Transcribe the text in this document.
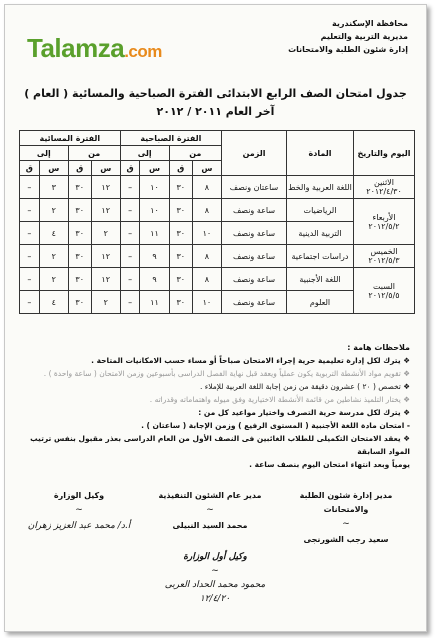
Talamza.com
محافظة الإسكندرية
مديرية التربية والتعليم
إدارة شئون الطلبة والامتحانات
جدول امتحان الصف الرابع الابتدائى الفترة الصباحية والمسائية ( العام )
آخر العام ٢٠١١ / ٢٠١٢
اليوم والتاريخ	المادة	الزمن	الفترة الصباحية				الفترة المسائية			
			من		إلى		من		إلى	
			س	ق	س	ق	س	ق	س	ق

الاثنين
٢٠١٢/٤/٣٠	اللغة العربية والخط	ساعتان ونصف	٨	٣٠	١٠	–	١٢	٣٠	٣	–

الأربعاء
٢٠١٢/٥/٢	الرياضيات	ساعة ونصف	٨	٣٠	١٠	–	١٢	٣٠	٢	–
	التربية الدينية	ساعة ونصف	١٠	٣٠	١١	–	٢	٣٠	٤	–

الخميس
٢٠١٢/٥/٣	دراسات اجتماعية	ساعة ونصف	٨	٣٠	٩	–	١٢	٣٠	٢	–

السبت
٢٠١٢/٥/٥	اللغة الأجنبية	ساعة ونصف	٨	٣٠	٩	–	١٢	٣٠	٢	–
	العلوم	ساعة ونصف	١٠	٣٠	١١	–	٢	٣٠	٤	–
ملاحظات هامة :
❖ يترك لكل إدارة تعليمية حرية إجراء الامتحان صباحاً أو مساء حسب الامكانيات المتاحة .
❖ تقويم مواد الأنشطة التربوية يكون عملياً ويعقد قبل نهاية الفصل الدراسى بأسبوعين وزمن الامتحان ( ساعة واحدة ) .
❖ تخصص ( ٢٠ ) عشرون دقيقة من زمن إجابة اللغة العربية للإملاء .
❖ يختار التلميذ نشاطين من قائمة الأنشطة الاختيارية وفق ميوله واهتماماته وقدراته .
❖ يترك لكل مدرسة حرية التصرف واختيار مواعيد كل من :
- امتحان مادة اللغة الأجنبية ( المستوى الرفيع ) وزمن الإجابة ( ساعتان ) .
❖ يعقد الامتحان التكميلى للطلاب الغائبين فى النصف الأول من العام الدراسى بعذر مقبول بنفس ترتيب المواد السابقة
يومياً وبعد انتهاء امتحان اليوم بنصف ساعة .
مدير إدارة شئون الطلبة والامتحانات
~
سعيد رجب الشورنجى
مدير عام الشئون التنفيذية
~
محمد السيد النبيلى
وكيل الوزارة
~
أ.د/ محمد عبد العزيز زهران
وكيل أول الوزارة
~
محمود محمد الحداد العربى
١٢/٤/٢٠
